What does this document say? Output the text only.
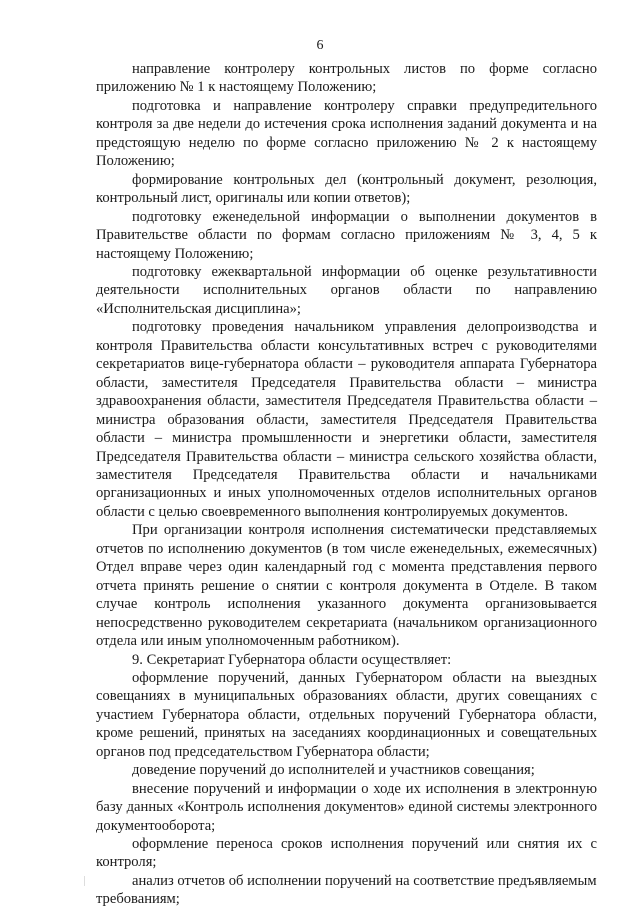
6

направление контролеру контрольных листов по форме согласно приложению № 1 к настоящему Положению;

подготовка и направление контролеру справки предупредительного контроля за две недели до истечения срока исполнения заданий документа и на предстоящую неделю по форме согласно приложению № 2 к настоящему Положению;

формирование контрольных дел (контрольный документ, резолюция, контрольный лист, оригиналы или копии ответов);

подготовку еженедельной информации о выполнении документов в Правительстве области по формам согласно приложениям № 3, 4, 5 к настоящему Положению;

подготовку ежеквартальной информации об оценке результативности деятельности исполнительных органов области по направлению «Исполнительская дисциплина»;

подготовку проведения начальником управления делопроизводства и контроля Правительства области консультативных встреч с руководителями секретариатов вице-губернатора области – руководителя аппарата Губернатора области, заместителя Председателя Правительства области – министра здравоохранения области, заместителя Председателя Правительства области – министра образования области, заместителя Председателя Правительства области – министра промышленности и энергетики области, заместителя Председателя Правительства области – министра сельского хозяйства области, заместителя Председателя Правительства области и начальниками организационных и иных уполномоченных отделов исполнительных органов области с целью своевременного выполнения контролируемых документов.

При организации контроля исполнения систематически представляемых отчетов по исполнению документов (в том числе еженедельных, ежемесячных) Отдел вправе через один календарный год с момента представления первого отчета принять решение о снятии с контроля документа в Отделе. В таком случае контроль исполнения указанного документа организовывается непосредственно руководителем секретариата (начальником организационного отдела или иным уполномоченным работником).

9. Секретариат Губернатора области осуществляет:

оформление поручений, данных Губернатором области на выездных совещаниях в муниципальных образованиях области, других совещаниях с участием Губернатора области, отдельных поручений Губернатора области, кроме решений, принятых на заседаниях координационных и совещательных органов под председательством Губернатора области;

доведение поручений до исполнителей и участников совещания;

внесение поручений и информации о ходе их исполнения в электронную базу данных «Контроль исполнения документов» единой системы электронного документооборота;

оформление переноса сроков исполнения поручений или снятия их с контроля;

анализ отчетов об исполнении поручений на соответствие предъявляемым требованиям;
